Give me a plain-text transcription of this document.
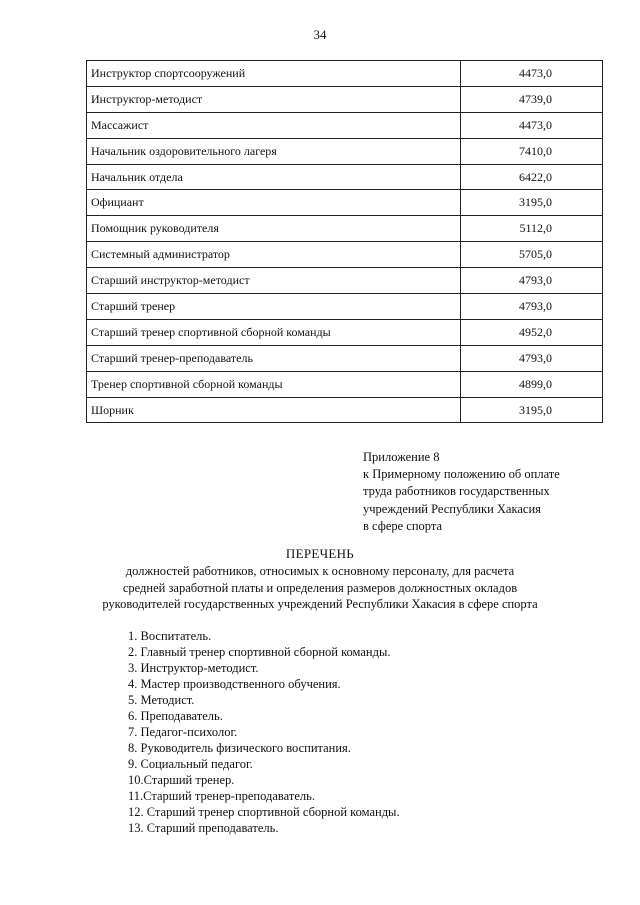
34
Инструктор спортсооружений	4473,0
Инструктор-методист	4739,0
Массажист	4473,0
Начальник оздоровительного лагеря	7410,0
Начальник отдела	6422,0
Официант	3195,0
Помощник руководителя	5112,0
Системный администратор	5705,0
Старший инструктор-методист	4793,0
Старший тренер	4793,0
Старший тренер спортивной сборной команды	4952,0
Старший тренер-преподаватель	4793,0
Тренер спортивной сборной команды	4899,0
Шорник	3195,0
Приложение 8
к Примерному положению об оплате
труда работников государственных
учреждений Республики Хакасия
в сфере спорта
ПЕРЕЧЕНЬ
должностей работников, относимых к основному персоналу, для расчета
средней заработной платы и определения размеров должностных окладов
руководителей государственных учреждений Республики Хакасия в сфере спорта
1. Воспитатель.
2. Главный тренер спортивной сборной команды.
3. Инструктор-методист.
4. Мастер производственного обучения.
5. Методист.
6. Преподаватель.
7. Педагог-психолог.
8. Руководитель физического воспитания.
9. Социальный педагог.
10.Старший тренер.
11.Старший тренер-преподаватель.
12. Старший тренер спортивной сборной команды.
13. Старший преподаватель.
